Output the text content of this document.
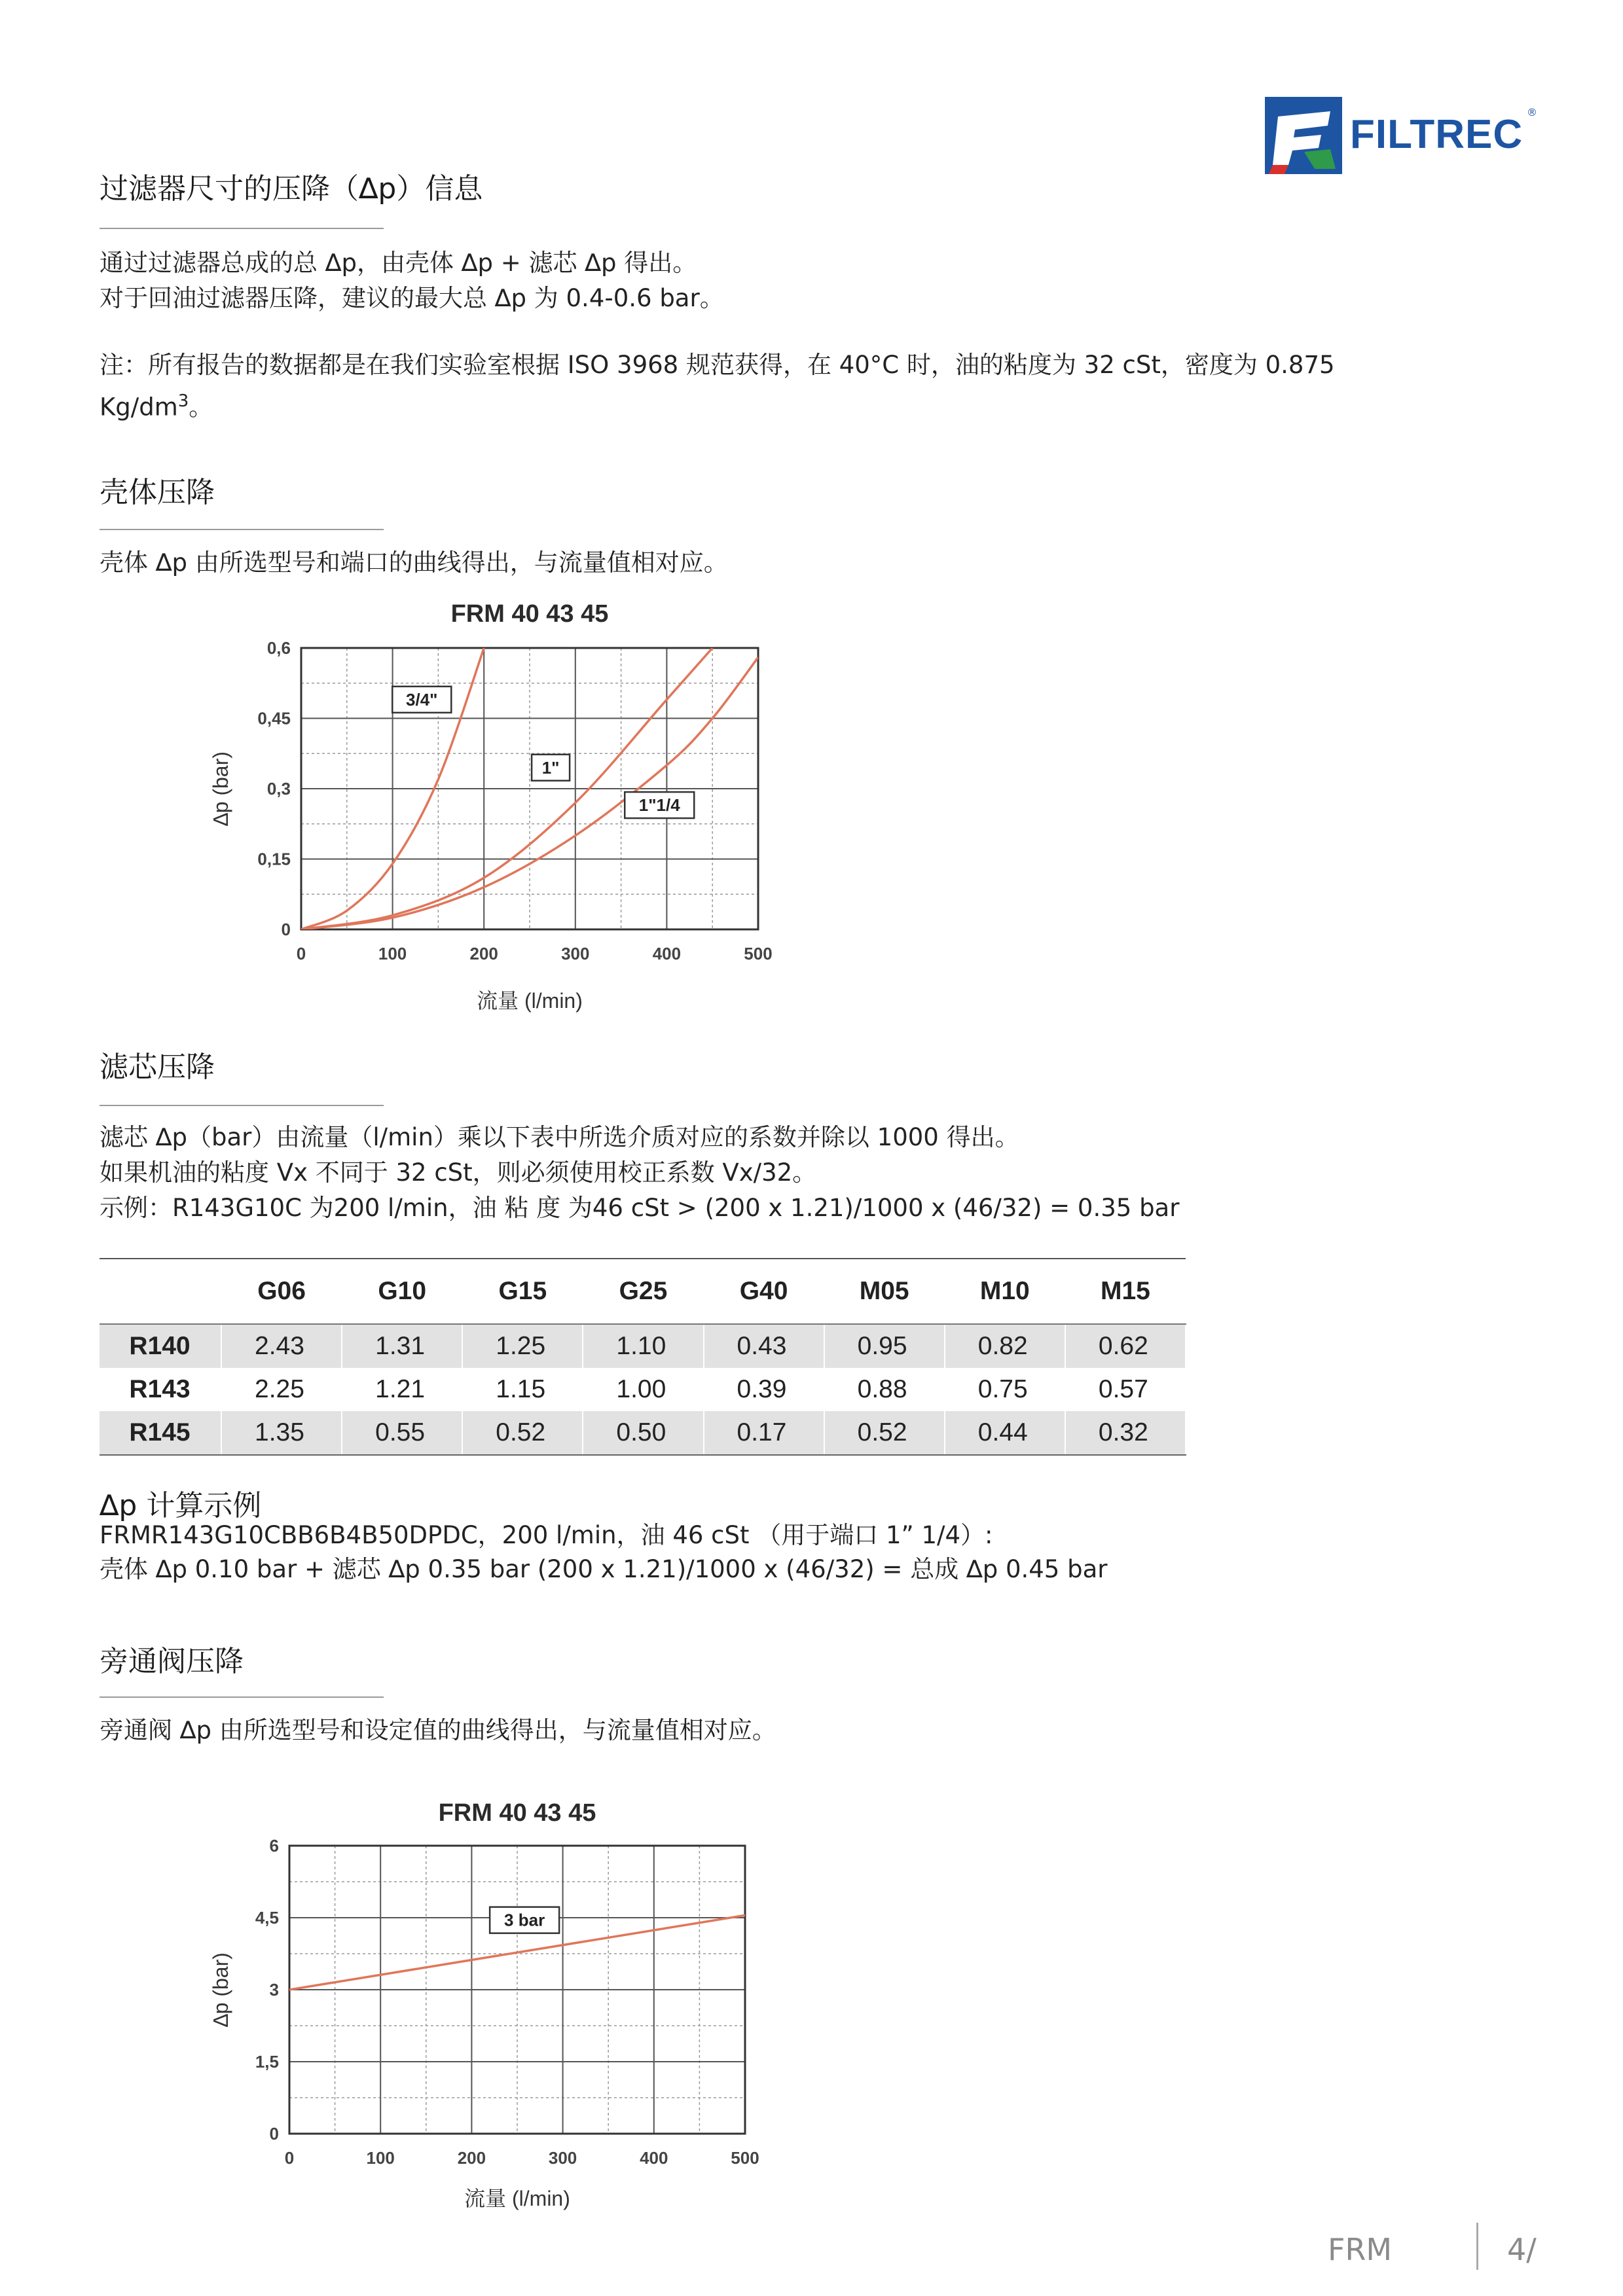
FILTREC ®
过滤器尺寸的压降（∆p）信息
通过过滤器总成的总 ∆p，由壳体 ∆p + 滤芯 ∆p 得出。
对于回油过滤器压降，建议的最大总 ∆p 为 0.4-0.6 bar。
注：所有报告的数据都是在我们实验室根据 ISO 3968 规范获得，在 40°C 时，油的粘度为 32 cSt，密度为 0.875
$Kg/dm^3$。
壳体压降
壳体 ∆p 由所选型号和端口的曲线得出，与流量值相对应。
FRM 40 43 45
0	100	200	300	400	500
0
0,15
0,3
0,45
0,6
流量 (l/min)
∆p (bar)
3/4"
1"
1"1/4
滤芯压降
滤芯 ∆p（bar）由流量（l/min）乘以下表中所选介质对应的系数并除以 1000 得出。
如果机油的粘度 Vx 不同于 32 cSt，则必须使用校正系数 Vx/32。
示例：R143G10C 为200 l/min，油 粘 度 为46 cSt > (200 x 1.21)/1000 x (46/32) = 0.35 bar
	G06	G10	G15	G25	G40	M05	M10	M15
R140	2.43	1.31	1.25	1.10	0.43	0.95	0.82	0.62
R143	2.25	1.21	1.15	1.00	0.39	0.88	0.75	0.57
R145	1.35	0.55	0.52	0.50	0.17	0.52	0.44	0.32
∆p 计算示例
FRMR143G10CBB6B4B50DPDC，200 l/min，油 46 cSt （用于端口 1” 1/4）:
壳体 ∆p 0.10 bar + 滤芯 ∆p 0.35 bar (200 x 1.21)/1000 x (46/32) = 总成 ∆p 0.45 bar
旁通阀压降
旁通阀 ∆p 由所选型号和设定值的曲线得出，与流量值相对应。
FRM 40 43 45
0	100	200	300	400	500
0
1,5
3
4,5
6
流量 (l/min)
∆p (bar)
3 bar
FRM	4/
